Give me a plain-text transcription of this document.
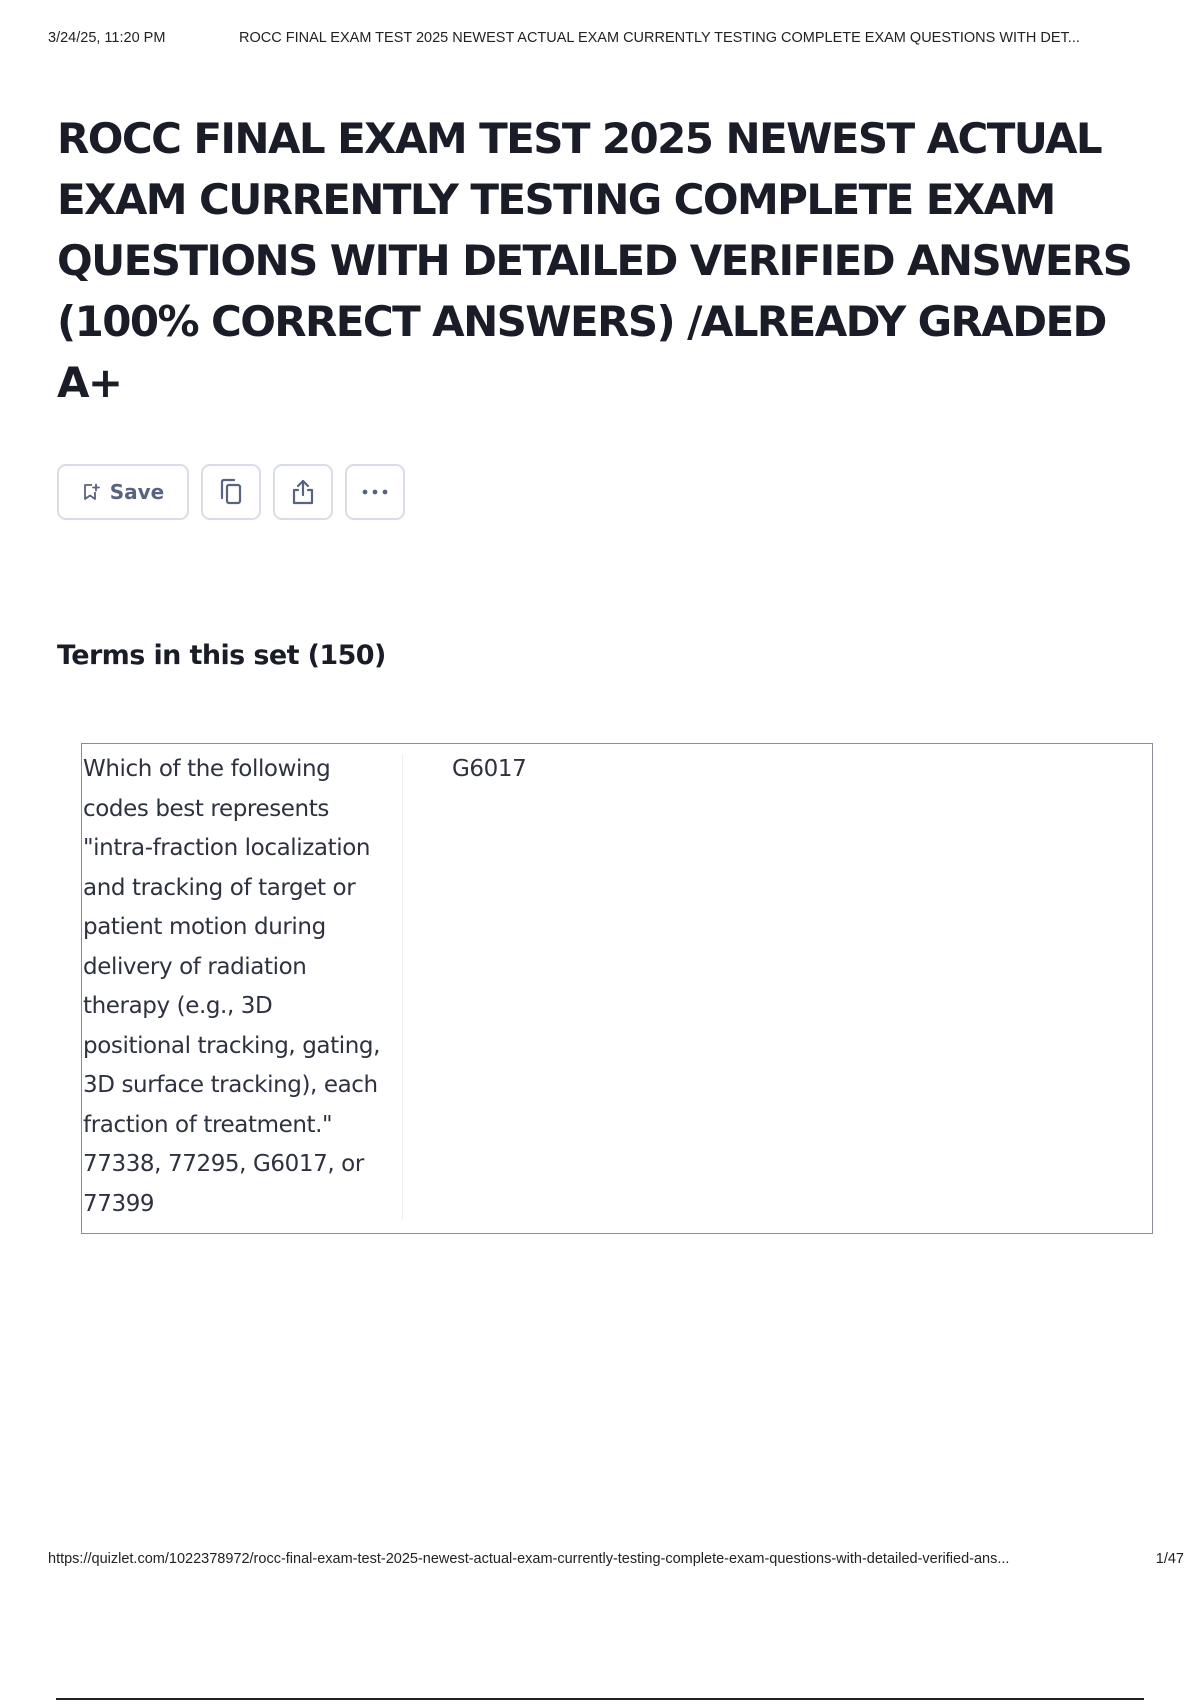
3/24/25, 11:20 PM	ROCC FINAL EXAM TEST 2025 NEWEST ACTUAL EXAM CURRENTLY TESTING COMPLETE EXAM QUESTIONS WITH DET...
ROCC FINAL EXAM TEST 2025 NEWEST ACTUAL EXAM CURRENTLY TESTING COMPLETE EXAM QUESTIONS WITH DETAILED VERIFIED ANSWERS (100% CORRECT ANSWERS) /ALREADY GRADED A+
Save
Terms in this set (150)
Which of the following codes best represents "intra-fraction localization and tracking of target or patient motion during delivery of radiation therapy (e.g., 3D positional tracking, gating, 3D surface tracking), each fraction of treatment." 77338, 77295, G6017, or 77399
G6017
https://quizlet.com/1022378972/rocc-final-exam-test-2025-newest-actual-exam-currently-testing-complete-exam-questions-with-detailed-verified-ans...	1/47
